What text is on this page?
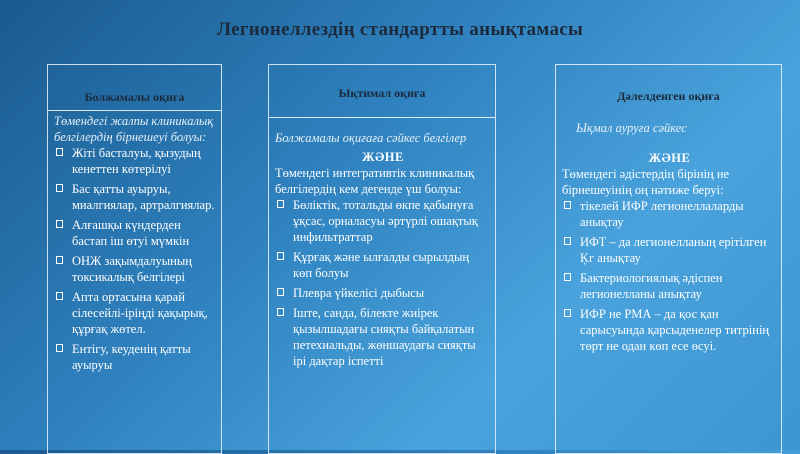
Легионеллездің стандартты анықтамасы
Болжамалы оқиға

Төмендегі жалпы клиникалық белгілердің бірнешеуі болуы:

Жіті басталуы, қызудың кенеттен көтерілуі
Бас қатты ауыруы, миалгиялар, артралгиялар.
Алғашқы күндерден бастап іш өтуі мүмкін
ОНЖ зақымдалуының токсикалық белгілері
Апта ортасына қарай сілесейлі-іріңді қақырық, құрғақ жөтел.
Ентігу, кеуденің қатты ауыруы
Ықтимал оқиға

Болжамалы оқиғаға сәйкес белгілер

ЖӘНЕ

Төмендегі интегративтік клиникалық белгілердің кем дегенде үш болуы:

Бөліктік, тотальды өкпе қабынуға ұқсас, орналасуы әртүрлі ошақтық инфильтраттар
Құрғақ және ылғалды сырылдың көп болуы
Плевра үйкелісі дыбысы
Іште, санда, білекте жиірек қызылшадағы сияқты байқалатын петехиальды, жөншаудағы сияқты ірі дақтар іспетті
Дәлелденген оқиға

Ықмал ауруға сәйкес

ЖӘНЕ

Төмендегі әдістердің бірінің не бірнешеуінің оң нәтиже беруі:

тікелей ИФР легионеллаларды анықтау
ИФТ – да легионелланың ерітілген Ķг анықтау
Бактериологиялық әдіспен легионелланы анықтау
ИФР не РМА – да қос қан сарысуында қарсыденелер титрінің төрт не одан көп есе өсуі.
